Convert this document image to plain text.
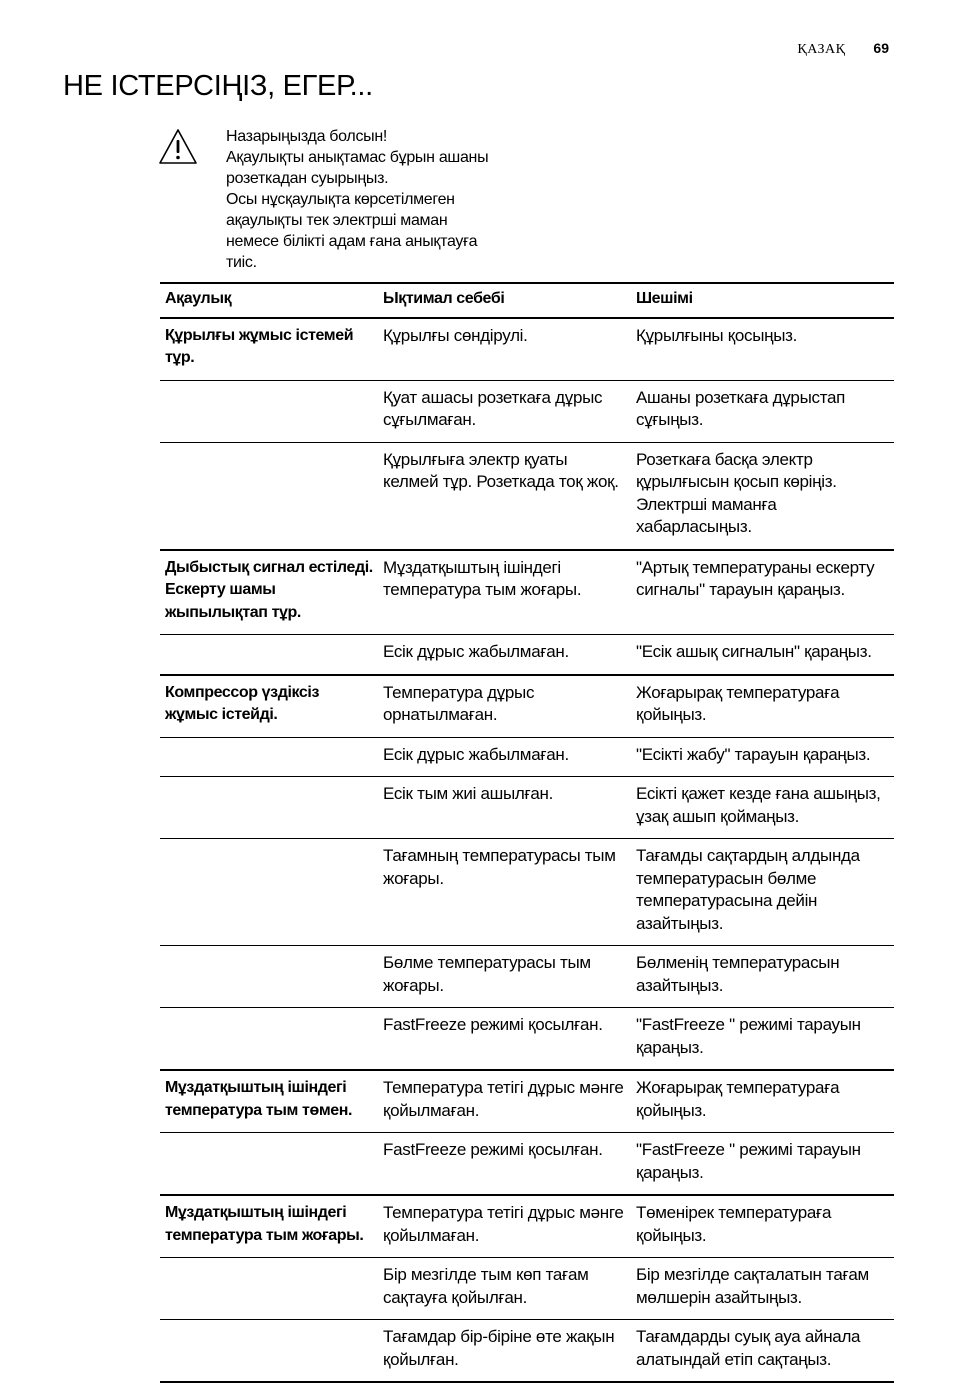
ҚАЗАҚ 69
НЕ ІСТЕРСІҢІЗ, ЕГЕР...
Назарыңызда болсын!
Ақаулықты анықтамас бұрын ашаны
розеткадан суырыңыз.
Осы нұсқаулықта көрсетілмеген
ақаулықты тек электрші маман
немесе білікті адам ғана анықтауға
тиіс.
Ақаулық	Ықтимал себебі	Шешімі
Құрылғы жұмыс істемей тұр.	Құрылғы сөндірулі.	Құрылғыны қосыңыз.
	Қуат ашасы розеткаға дұрыс сұғылмаған.	Ашаны розеткаға дұрыстап сұғыңыз.
	Құрылғыға электр қуаты келмей тұр. Розеткада тоқ жоқ.	Розеткаға басқа электр құрылғысын қосып көріңіз. Электрші маманға хабарласыңыз.
Дыбыстық сигнал естіледі. Ескерту шамы жыпылықтап тұр.	Мұздатқыштың ішіндегі температура тым жоғары.	"Артық температураны ескерту сигналы" тарауын қараңыз.
	Есік дұрыс жабылмаған.	"Есік ашық сигналын" қараңыз.
Компрессор үздіксіз жұмыс істейді.	Температура дұрыс орнатылмаған.	Жоғарырақ температураға қойыңыз.
	Есік дұрыс жабылмаған.	"Есікті жабу" тарауын қараңыз.
	Есік тым жиі ашылған.	Есікті қажет кезде ғана ашыңыз, ұзақ ашып қоймаңыз.
	Тағамның температурасы тым жоғары.	Тағамды сақтардың алдында температурасын бөлме температурасына дейін азайтыңыз.
	Бөлме температурасы тым жоғары.	Бөлменің температурасын азайтыңыз.
	FastFreeze режимі қосылған.	"FastFreeze " режимі тарауын қараңыз.
Мұздатқыштың ішіндегі температура тым төмен.	Температура тетігі дұрыс мәнге қойылмаған.	Жоғарырақ температураға қойыңыз.
	FastFreeze режимі қосылған.	"FastFreeze " режимі тарауын қараңыз.
Мұздатқыштың ішіндегі температура тым жоғары.	Температура тетігі дұрыс мәнге қойылмаған.	Төменірек температураға қойыңыз.
	Бір мезгілде тым көп тағам сақтауға қойылған.	Бір мезгілде сақталатын тағам мөлшерін азайтыңыз.
	Тағамдар бір-біріне өте жақын қойылған.	Тағамдарды суық ауа айнала алатындай етіп сақтаңыз.
